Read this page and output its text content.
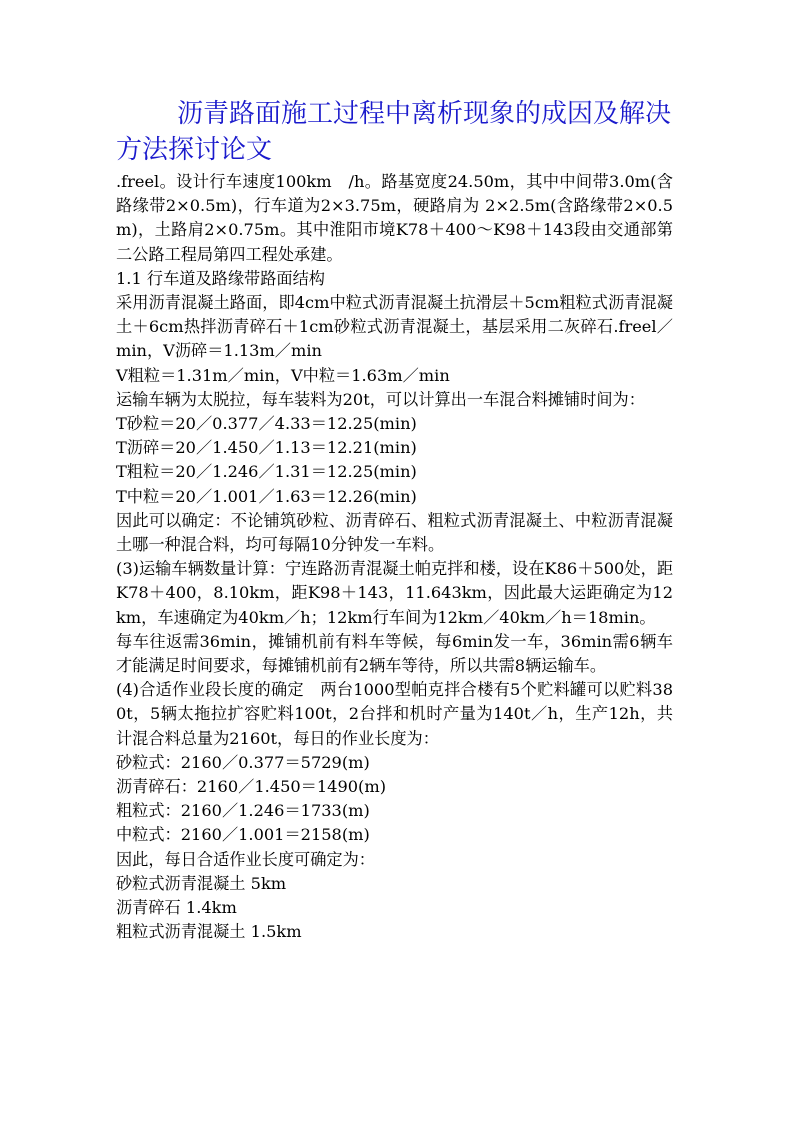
沥青路面施工过程中离析现象的成因及解决方法探讨论文

.freel。设计行车速度100km　/h。路基宽度24.50m，其中中间带3.0m(含路缘带2×0.5m)，行车道为2×3.75m，硬路肩为 2×2.5m(含路缘带2×0.5m)，土路肩2×0.75m。其中淮阳市境K78＋400～K98＋143段由交通部第二公路工程局第四工程处承建。

1.1 行车道及路缘带路面结构

采用沥青混凝土路面，即4cm中粒式沥青混凝土抗滑层＋5cm粗粒式沥青混凝土＋6cm热拌沥青碎石＋1cm砂粒式沥青混凝土，基层采用二灰碎石.freel／min，V沥碎＝1.13m／min

V粗粒＝1.31m／min，V中粒＝1.63m／min

运输车辆为太脱拉，每车装料为20t，可以计算出一车混合料摊铺时间为：

T砂粒＝20／0.377／4.33＝12.25(min)

T沥碎＝20／1.450／1.13＝12.21(min)

T粗粒＝20／1.246／1.31＝12.25(min)

T中粒＝20／1.001／1.63＝12.26(min)

因此可以确定：不论铺筑砂粒、沥青碎石、粗粒式沥青混凝土、中粒沥青混凝土哪一种混合料，均可每隔10分钟发一车料。

(3)运输车辆数量计算：宁连路沥青混凝土帕克拌和楼，设在K86＋500处，距K78＋400，8.10km，距K98＋143，11.643km，因此最大运距确定为12km，车速确定为40km／h；12km行车间为12km／40km／h＝18min。

每车往返需36min，摊铺机前有料车等候，每6min发一车，36min需6辆车才能满足时间要求，每摊铺机前有2辆车等待，所以共需8辆运输车。

(4)合适作业段长度的确定　两台1000型帕克拌合楼有5个贮料罐可以贮料380t，5辆太拖拉扩容贮料100t，2台拌和机时产量为140t／h，生产12h，共计混合料总量为2160t，每日的作业长度为：

砂粒式：2160／0.377＝5729(m)

沥青碎石：2160／1.450＝1490(m)

粗粒式：2160／1.246＝1733(m)

中粒式：2160／1.001＝2158(m)

因此，每日合适作业长度可确定为：

砂粒式沥青混凝土 5km

沥青碎石 1.4km

粗粒式沥青混凝土 1.5km
